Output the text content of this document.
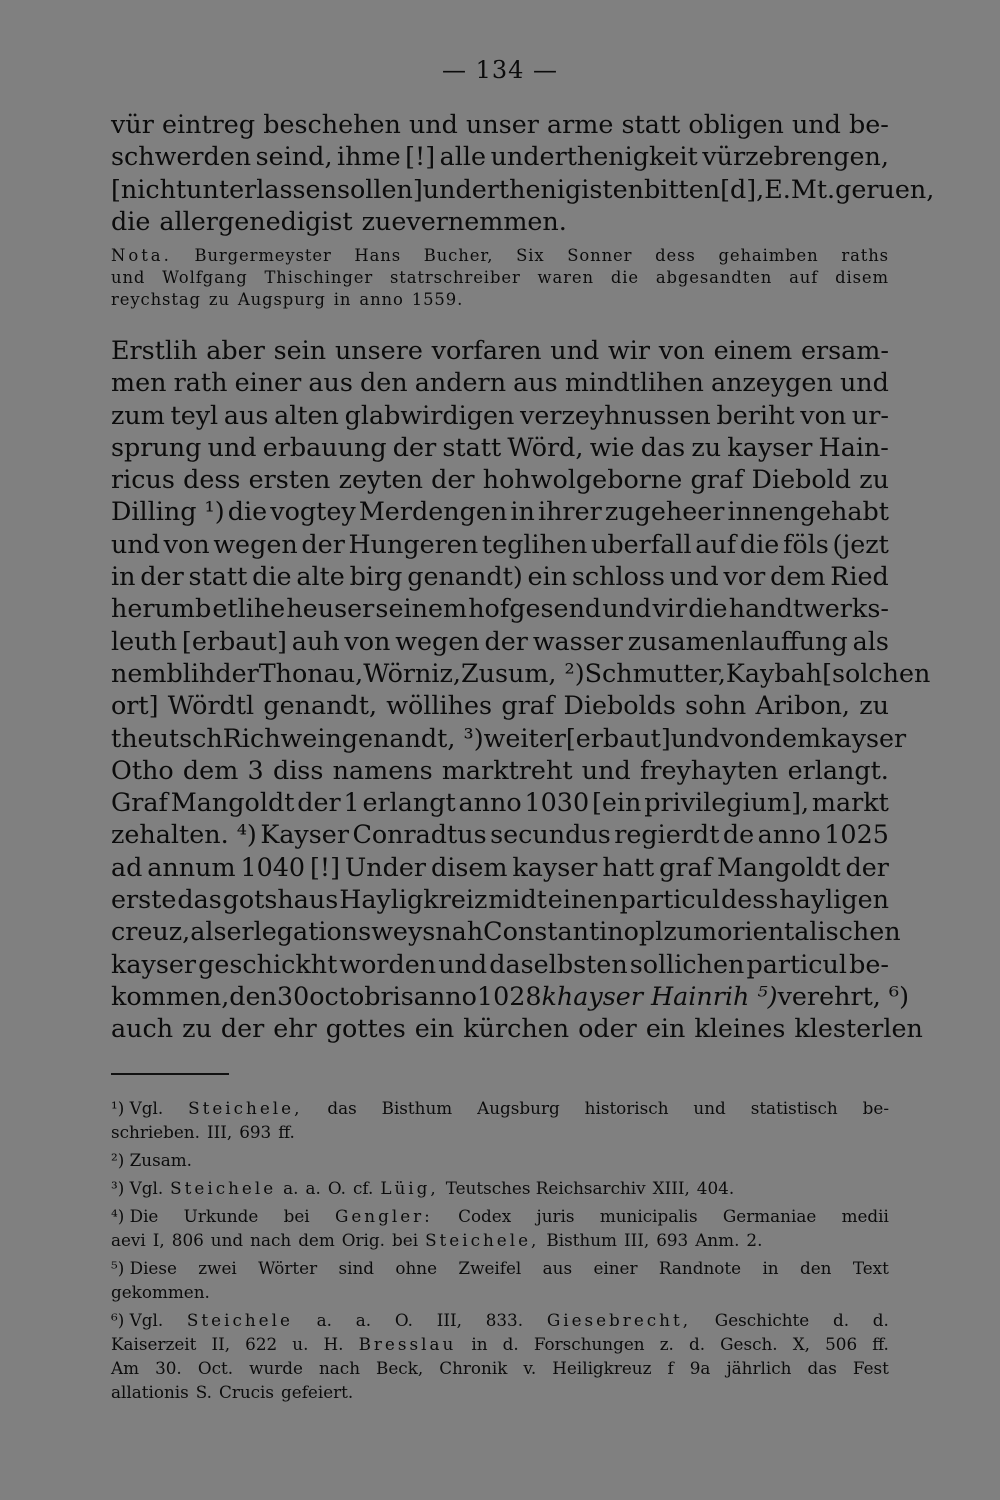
— 134 —
vür eintreg beschehen und unser arme statt obligen und be-
schwerden seind, ihme [!] alle underthenigkeit vürzebrengen,
[nicht unterlassen sollen] underthenigisten bitten[d], E. Mt. geruen,
die allergenedigist zuevernemmen.
Nota. Burgermeyster Hans Bucher, Six Sonner dess gehaimben raths
und Wolfgang Thischinger statrschreiber waren die abgesandten auf disem
reychstag zu Augspurg in anno 1559.
Erstlih aber sein unsere vorfaren und wir von einem ersam-
men rath einer aus den andern aus mindtlihen anzeygen und
zum teyl aus alten glabwirdigen verzeyhnussen beriht von ur-
sprung und erbauung der statt Wörd, wie das zu kayser Hain-
ricus dess ersten zeyten der hohwolgeborne graf Diebold zu
Dilling ¹) die vogtey Merdengen in ihrer zugeheer innengehabt
und von wegen der Hungeren teglihen uberfall auf die föls (jezt
in der statt die alte birg genandt) ein schloss und vor dem Ried
herumb etlihe heuser seinem hofgesend und vir die handtwerks-
leuth [erbaut] auh von wegen der wasser zusamenlauffung als
nemblih der Thonau, Wörniz, Zusum, ²) Schmutter, Kaybah [solchen
ort] Wördtl genandt, wöllihes graf Diebolds sohn Aribon, zu
theutsch Richwein genandt, ³) weiter [erbaut] und von dem kayser
Otho dem 3 diss namens marktreht und freyhayten erlangt.
Graf Mangoldt der 1 erlangt anno 1030 [ein privilegium], markt
zehalten. ⁴) Kayser Conradtus secundus regierdt de anno 1025
ad annum 1040 [!] Under disem kayser hatt graf Mangoldt der
erste das gotshaus Hayligkreiz midt einen particul dess hayligen
creuz, als er legations weys nah Constantinopl zum orientalischen
kayser geschickht worden und daselbsten sollichen particul be-
kommen, den 30 octobris anno 1028 khayser Hainrih ⁵) verehrt, ⁶)
auch zu der ehr gottes ein kürchen oder ein kleines klesterlen
¹) Vgl. Steichele, das Bisthum Augsburg historisch und statistisch be-
schrieben. III, 693 ff.
²) Zusam.
³) Vgl. Steichele a. a. O. cf. Lüig, Teutsches Reichsarchiv XIII, 404.
⁴) Die Urkunde bei Gengler: Codex juris municipalis Germaniae medii
aevi I, 806 und nach dem Orig. bei Steichele, Bisthum III, 693 Anm. 2.
⁵) Diese zwei Wörter sind ohne Zweifel aus einer Randnote in den Text
gekommen.
⁶) Vgl. Steichele a. a. O. III, 833. Giesebrecht, Geschichte d. d.
Kaiserzeit II, 622 u. H. Bresslau in d. Forschungen z. d. Gesch. X, 506 ff.
Am 30. Oct. wurde nach Beck, Chronik v. Heiligkreuz f 9a jährlich das Fest
allationis S. Crucis gefeiert.
